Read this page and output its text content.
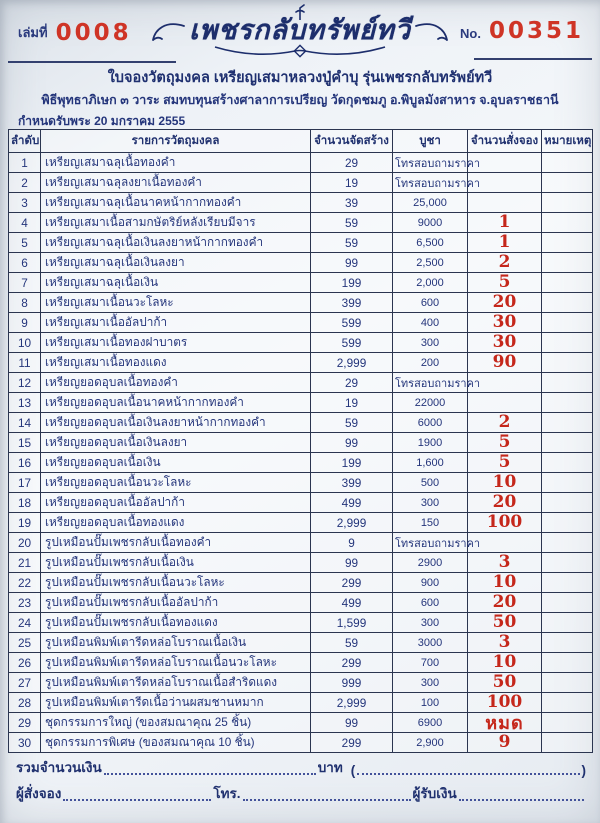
เล่มที่ 0008	No. 00351
เพชรกลับทรัพย์ทวี
ใบจองวัตถุมงคล เหรียญเสมาหลวงปู่คำบุ รุ่นเพชรกลับทรัพย์ทวี
พิธีพุทธาภิเษก ๓ วาระ สมทบทุนสร้างศาลาการเปรียญ วัดกุดชมภู อ.พิบูลมังสาหาร จ.อุบลราชธานี
กำหนดรับพระ 20 มกราคม 2555
ลำดับ	รายการวัตถุมงคล	จำนวนจัดสร้าง	บูชา	จำนวนสั่งจอง	หมายเหตุ
1	เหรียญเสมาฉลุเนื้อทองคำ	29	โทรสอบถามราคา		
2	เหรียญเสมาฉลุลงยาเนื้อทองคำ	19	โทรสอบถามราคา		
3	เหรียญเสมาฉลุเนื้อนาคหน้ากากทองคำ	39	25,000		
4	เหรียญเสมาเนื้อสามกษัตริย์หลังเรียบมีจาร	59	9000	1	
5	เหรียญเสมาฉลุเนื้อเงินลงยาหน้ากากทองคำ	59	6,500	1	
6	เหรียญเสมาฉลุเนื้อเงินลงยา	99	2,500	2	
7	เหรียญเสมาฉลุเนื้อเงิน	199	2,000	5	
8	เหรียญเสมาเนื้อนวะโลหะ	399	600	20	
9	เหรียญเสมาเนื้ออัลปาก้า	599	400	30	
10	เหรียญเสมาเนื้อทองฝาบาตร	599	300	30	
11	เหรียญเสมาเนื้อทองแดง	2,999	200	90	
12	เหรียญยอดอุบลเนื้อทองคำ	29	โทรสอบถามราคา		
13	เหรียญยอดอุบลเนื้อนาคหน้ากากทองคำ	19	22000		
14	เหรียญยอดอุบลเนื้อเงินลงยาหน้ากากทองคำ	59	6000	2	
15	เหรียญยอดอุบลเนื้อเงินลงยา	99	1900	5	
16	เหรียญยอดอุบลเนื้อเงิน	199	1,600	5	
17	เหรียญยอดอุบลเนื้อนวะโลหะ	399	500	10	
18	เหรียญยอดอุบลเนื้ออัลปาก้า	499	300	20	
19	เหรียญยอดอุบลเนื้อทองแดง	2,999	150	100	
20	รูปเหมือนปั๊มเพชรกลับเนื้อทองคำ	9	โทรสอบถามราคา		
21	รูปเหมือนปั๊มเพชรกลับเนื้อเงิน	99	2900	3	
22	รูปเหมือนปั๊มเพชรกลับเนื้อนวะโลหะ	299	900	10	
23	รูปเหมือนปั๊มเพชรกลับเนื้ออัลปาก้า	499	600	20	
24	รูปเหมือนปั๊มเพชรกลับเนื้อทองแดง	1,599	300	50	
25	รูปเหมือนพิมพ์เตารีดหล่อโบราณเนื้อเงิน	59	3000	3	
26	รูปเหมือนพิมพ์เตารีดหล่อโบราณเนื้อนวะโลหะ	299	700	10	
27	รูปเหมือนพิมพ์เตารีดหล่อโบราณเนื้อสำริดแดง	999	300	50	
28	รูปเหมือนพิมพ์เตารีดเนื้อว่านผสมชานหมาก	2,999	100	100	
29	ชุดกรรมการใหญ่ (ของสมณาคุณ 25 ชิ้น)	99	6900	หมด	
30	ชุดกรรมการพิเศษ (ของสมณาคุณ 10 ชิ้น)	299	2,900	9	
รวมจำนวนเงิน	บาท (	)
ผู้สั่งจอง	โทร.	ผู้รับเงิน
